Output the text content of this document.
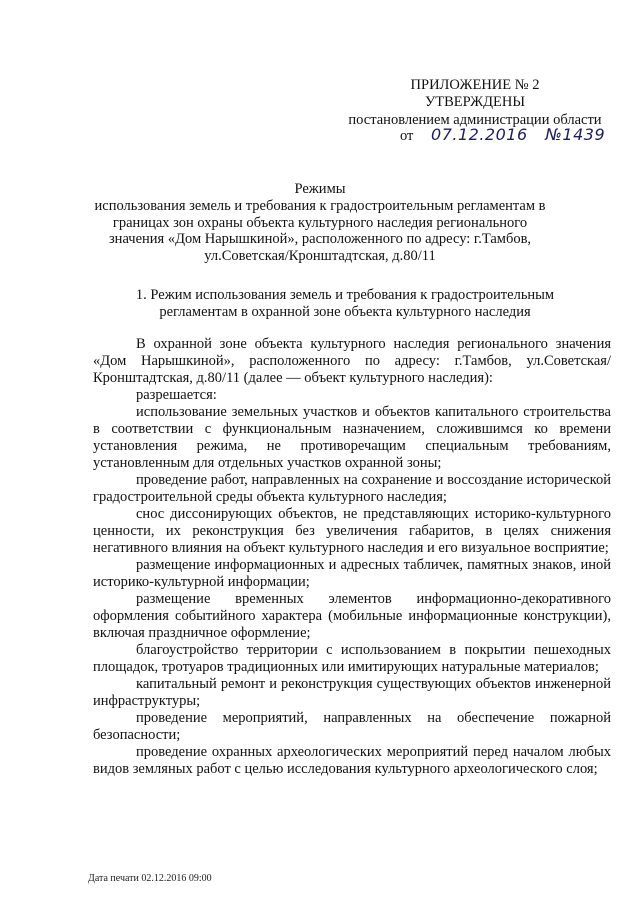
ПРИЛОЖЕНИЕ № 2
УТВЕРЖДЕНЫ
постановлением администрации области
от 07.12.2016 №1439
Режимы
использования земель и требования к градостроительным регламентам в границах зон охраны объекта культурного наследия регионального значения «Дом Нарышкиной», расположенного по адресу: г.Тамбов, ул.Советская/Кронштадтская, д.80/11
1. Режим использования земель и требования к градостроительным регламентам в охранной зоне объекта культурного наследия

В охранной зоне объекта культурного наследия регионального значения «Дом Нарышкиной», расположенного по адресу: г.Тамбов, ул.Советская/Кронштадтская, д.80/11 (далее — объект культурного наследия):

разрешается:

использование земельных участков и объектов капитального строительства в соответствии с функциональным назначением, сложившимся ко времени установления режима, не противоречащим специальным требованиям, установленным для отдельных участков охранной зоны;

проведение работ, направленных на сохранение и воссоздание исторической градостроительной среды объекта культурного наследия;

снос диссонирующих объектов, не представляющих историко-культурного ценности, их реконструкция без увеличения габаритов, в целях снижения негативного влияния на объект культурного наследия и его визуальное восприятие;

размещение информационных и адресных табличек, памятных знаков, иной историко-культурной информации;

размещение временных элементов информационно-декоративного оформления событийного характера (мобильные информационные конструкции), включая праздничное оформление;

благоустройство территории с использованием в покрытии пешеходных площадок, тротуаров традиционных или имитирующих натуральные материалов;

капитальный ремонт и реконструкция существующих объектов инженерной инфраструктуры;

проведение мероприятий, направленных на обеспечение пожарной безопасности;

проведение охранных археологических мероприятий перед началом любых видов земляных работ с целью исследования культурного археологического слоя;

Дата печати 02.12.2016 09:00
